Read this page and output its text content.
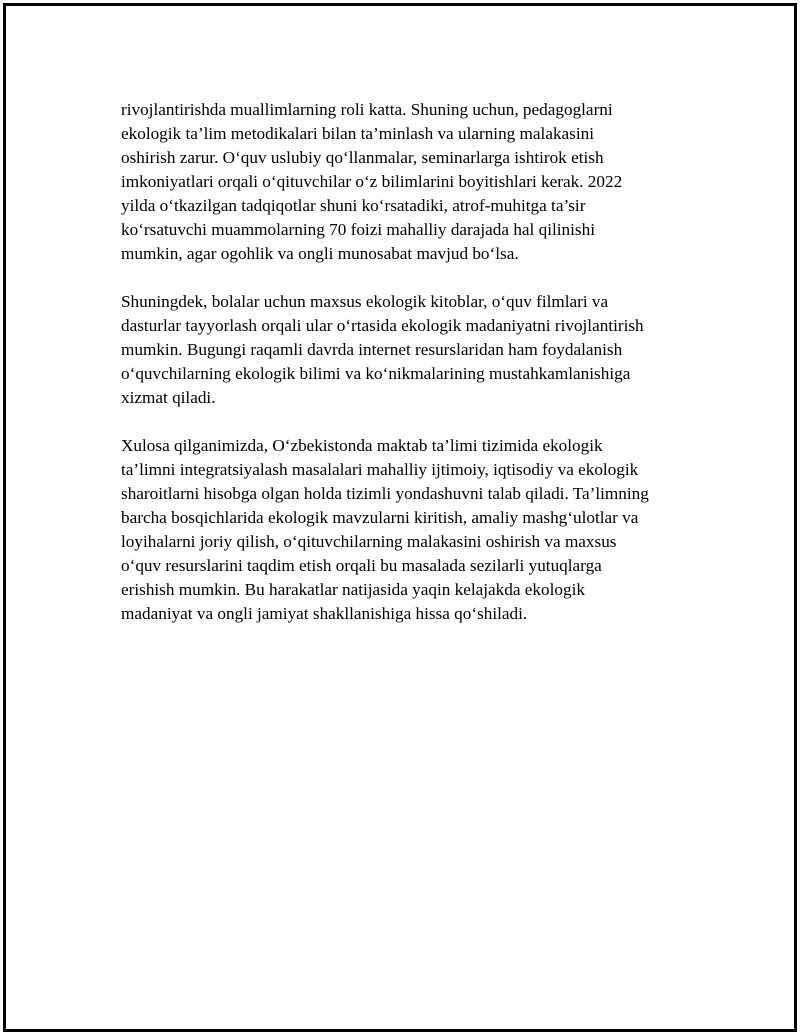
rivojlantirishda muallimlarning roli katta. Shuning uchun, pedagoglarni
ekologik ta’lim metodikalari bilan ta’minlash va ularning malakasini
oshirish zarur. O‘quv uslubiy qo‘llanmalar, seminarlarga ishtirok etish
imkoniyatlari orqali o‘qituvchilar o‘z bilimlarini boyitishlari kerak. 2022
yilda o‘tkazilgan tadqiqotlar shuni ko‘rsatadiki, atrof-muhitga ta’sir
ko‘rsatuvchi muammolarning 70 foizi mahalliy darajada hal qilinishi
mumkin, agar ogohlik va ongli munosabat mavjud bo‘lsa.

Shuningdek, bolalar uchun maxsus ekologik kitoblar, o‘quv filmlari va
dasturlar tayyorlash orqali ular o‘rtasida ekologik madaniyatni rivojlantirish
mumkin. Bugungi raqamli davrda internet resurslaridan ham foydalanish
o‘quvchilarning ekologik bilimi va ko‘nikmalarining mustahkamlanishiga
xizmat qiladi.

Xulosa qilganimizda, O‘zbekistonda maktab ta’limi tizimida ekologik
ta’limni integratsiyalash masalalari mahalliy ijtimoiy, iqtisodiy va ekologik
sharoitlarni hisobga olgan holda tizimli yondashuvni talab qiladi. Ta’limning
barcha bosqichlarida ekologik mavzularni kiritish, amaliy mashg‘ulotlar va
loyihalarni joriy qilish, o‘qituvchilarning malakasini oshirish va maxsus
o‘quv resurslarini taqdim etish orqali bu masalada sezilarli yutuqlarga
erishish mumkin. Bu harakatlar natijasida yaqin kelajakda ekologik
madaniyat va ongli jamiyat shakllanishiga hissa qo‘shiladi.
